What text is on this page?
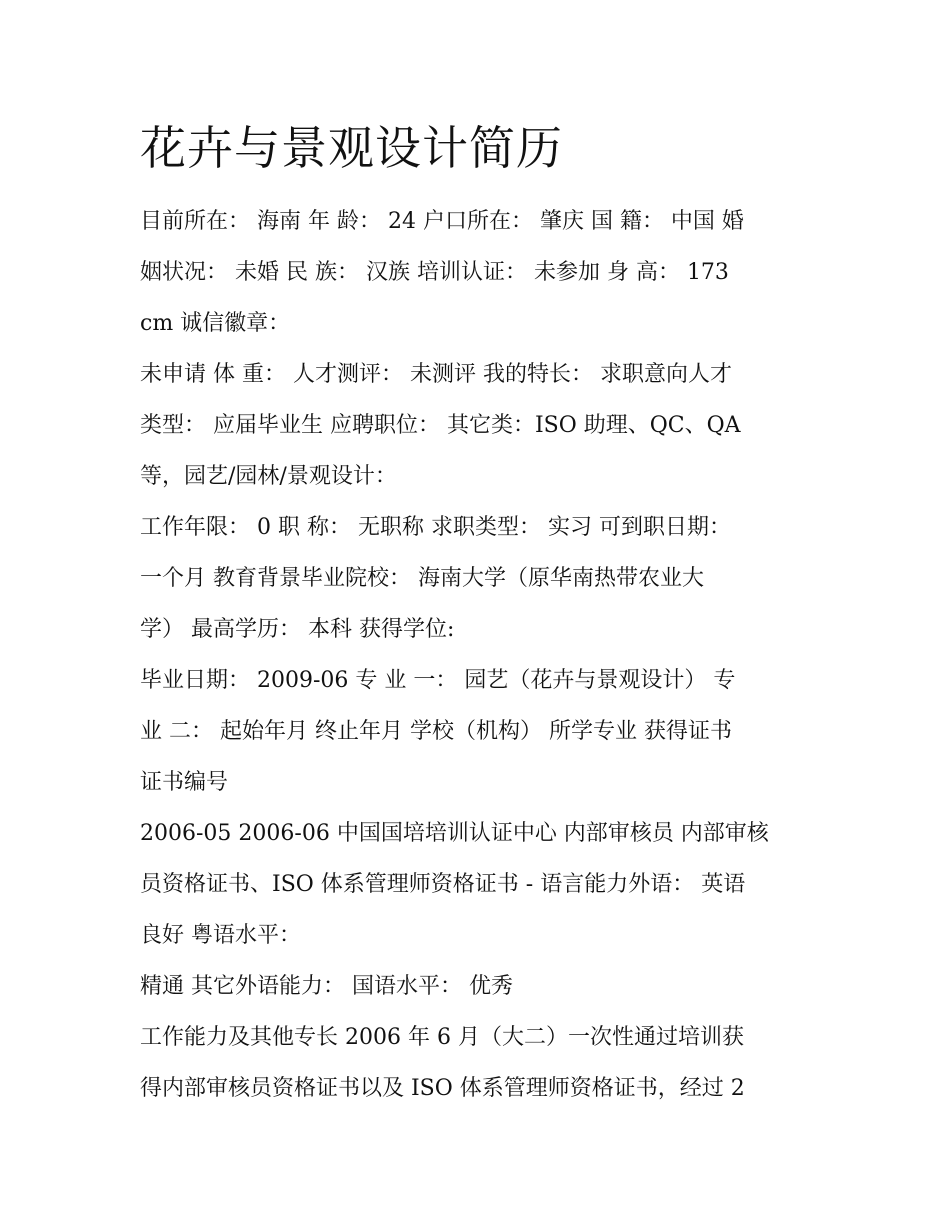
花卉与景观设计简历
目前所在： 海南 年 龄： 24 户口所在： 肇庆 国 籍： 中国 婚
姻状况： 未婚 民 族： 汉族 培训认证： 未参加 身 高： 173
cm 诚信徽章：
未申请 体 重： 人才测评： 未测评 我的特长： 求职意向人才
类型： 应届毕业生 应聘职位： 其它类：ISO 助理、QC、QA
等，园艺/园林/景观设计：
工作年限： 0 职 称： 无职称 求职类型： 实习 可到职日期：
一个月 教育背景毕业院校： 海南大学（原华南热带农业大
学） 最高学历： 本科 获得学位:
毕业日期： 2009-06 专 业 一： 园艺（花卉与景观设计） 专
业 二： 起始年月 终止年月 学校（机构） 所学专业 获得证书
证书编号
2006-05 2006-06 中国国培培训认证中心 内部审核员 内部审核
员资格证书、ISO 体系管理师资格证书 - 语言能力外语： 英语
良好 粤语水平：
精通 其它外语能力： 国语水平： 优秀
工作能力及其他专长 2006 年 6 月（大二）一次性通过培训获
得内部审核员资格证书以及 ISO 体系管理师资格证书，经过 2
